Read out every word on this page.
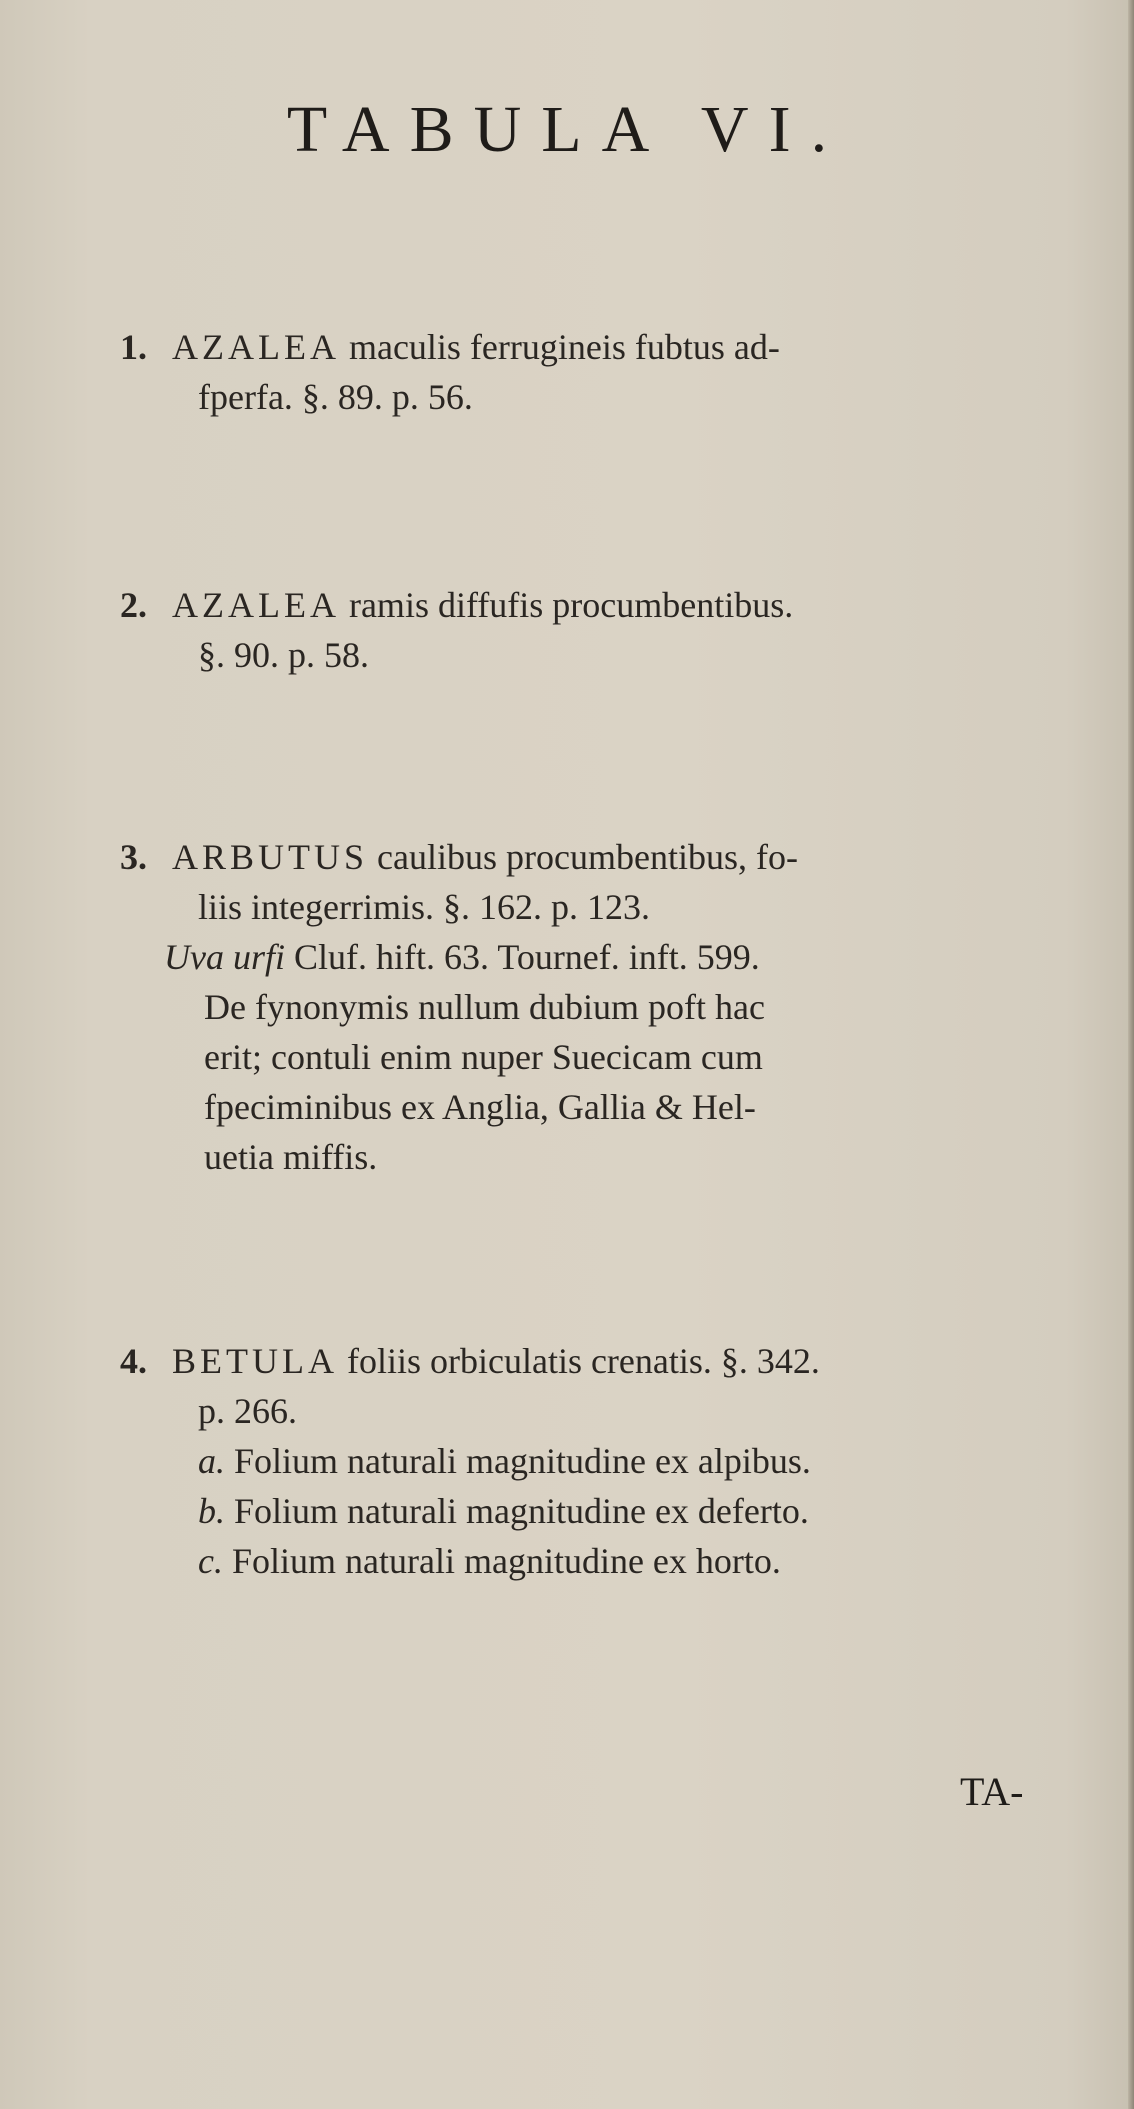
TABULA VI.
1. AZALEA maculis ferrugineis fubtus ad-
fperfa. §. 89. p. 56.
2. AZALEA ramis diffufis procumbentibus.
§. 90. p. 58.
3. ARBUTUS caulibus procumbentibus, fo-
liis integerrimis. §. 162. p. 123.
Uva urfi Cluf. hift. 63. Tournef. inft. 599.
De fynonymis nullum dubium poft hac
erit; contuli enim nuper Suecicam cum
fpeciminibus ex Anglia, Gallia & Hel-
uetia miffis.
4. BETULA foliis orbiculatis crenatis. §. 342.
p. 266.
a. Folium naturali magnitudine ex alpibus.
b. Folium naturali magnitudine ex deferto.
c. Folium naturali magnitudine ex horto.
TA-
